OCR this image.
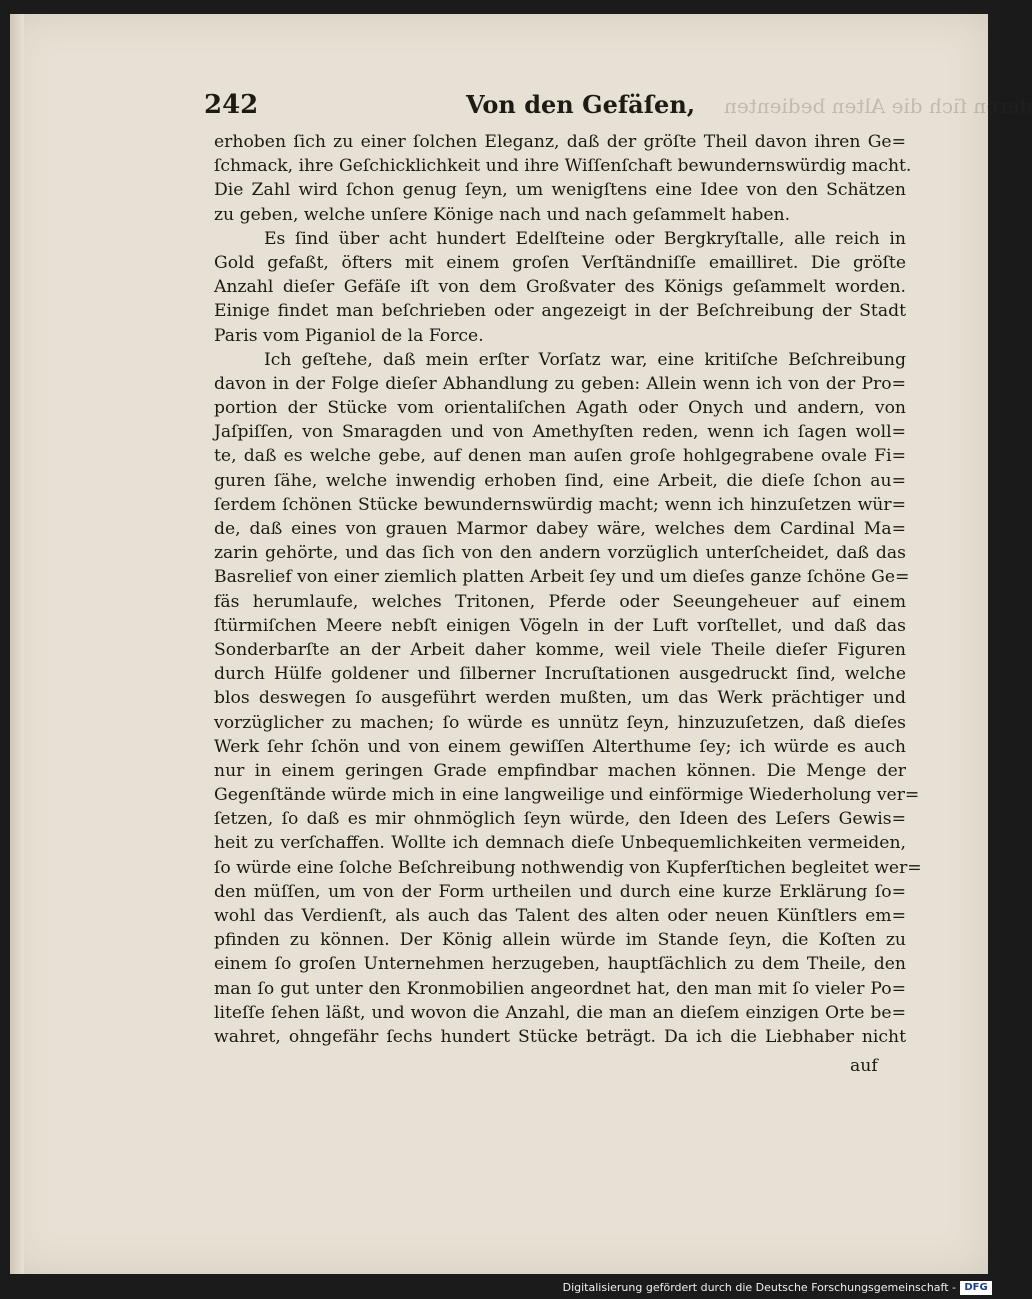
242	Von den Gefäſen, deren ſich die Alten bedienten
erhoben ſich zu einer ſolchen Eleganz, daß der gröſte Theil davon ihren Ge=
ſchmack, ihre Geſchicklichkeit und ihre Wiſſenſchaft bewundernswürdig macht.
Die Zahl wird ſchon genug ſeyn, um wenigſtens eine Idee von den Schätzen
zu geben, welche unſere Könige nach und nach geſammelt haben.
Es ſind über acht hundert Edelſteine oder Bergkryſtalle, alle reich in
Gold gefaßt, öfters mit einem groſen Verſtändniſſe emailliret. Die gröſte
Anzahl dieſer Gefäſe iſt von dem Großvater des Königs geſammelt worden.
Einige findet man beſchrieben oder angezeigt in der Beſchreibung der Stadt
Paris vom Piganiol de la Force.
Ich geſtehe, daß mein erſter Vorſatz war, eine kritiſche Beſchreibung
davon in der Folge dieſer Abhandlung zu geben: Allein wenn ich von der Pro=
portion der Stücke vom orientaliſchen Agath oder Onych und andern, von
Jaſpiſſen, von Smaragden und von Amethyſten reden, wenn ich ſagen woll=
te, daß es welche gebe, auf denen man auſen groſe hohlgegrabene ovale Fi=
guren ſähe, welche inwendig erhoben ſind, eine Arbeit, die dieſe ſchon au=
ſerdem ſchönen Stücke bewundernswürdig macht; wenn ich hinzuſetzen wür=
de, daß eines von grauen Marmor dabey wäre, welches dem Cardinal Ma=
zarin gehörte, und das ſich von den andern vorzüglich unterſcheidet, daß das
Basrelief von einer ziemlich platten Arbeit ſey und um dieſes ganze ſchöne Ge=
fäs herumlaufe, welches Tritonen, Pferde oder Seeungeheuer auf einem
ſtürmiſchen Meere nebſt einigen Vögeln in der Luft vorſtellet, und daß das
Sonderbarſte an der Arbeit daher komme, weil viele Theile dieſer Figuren
durch Hülfe goldener und ſilberner Incruſtationen ausgedruckt ſind, welche
blos deswegen ſo ausgeführt werden mußten, um das Werk prächtiger und
vorzüglicher zu machen; ſo würde es unnütz ſeyn, hinzuzuſetzen, daß dieſes
Werk ſehr ſchön und von einem gewiſſen Alterthume ſey; ich würde es auch
nur in einem geringen Grade empfindbar machen können. Die Menge der
Gegenſtände würde mich in eine langweilige und einförmige Wiederholung ver=
ſetzen, ſo daß es mir ohnmöglich ſeyn würde, den Ideen des Leſers Gewis=
heit zu verſchaffen. Wollte ich demnach dieſe Unbequemlichkeiten vermeiden,
ſo würde eine ſolche Beſchreibung nothwendig von Kupferſtichen begleitet wer=
den müſſen, um von der Form urtheilen und durch eine kurze Erklärung ſo=
wohl das Verdienſt, als auch das Talent des alten oder neuen Künſtlers em=
pfinden zu können. Der König allein würde im Stande ſeyn, die Koſten zu
einem ſo groſen Unternehmen herzugeben, hauptſächlich zu dem Theile, den
man ſo gut unter den Kronmobilien angeordnet hat, den man mit ſo vieler Po=
liteſſe ſehen läßt, und wovon die Anzahl, die man an dieſem einzigen Orte be=
wahret, ohngefähr ſechs hundert Stücke beträgt. Da ich die Liebhaber nicht
auf
Digitalisierung gefördert durch die Deutsche Forschungsgemeinschaft - DFG
